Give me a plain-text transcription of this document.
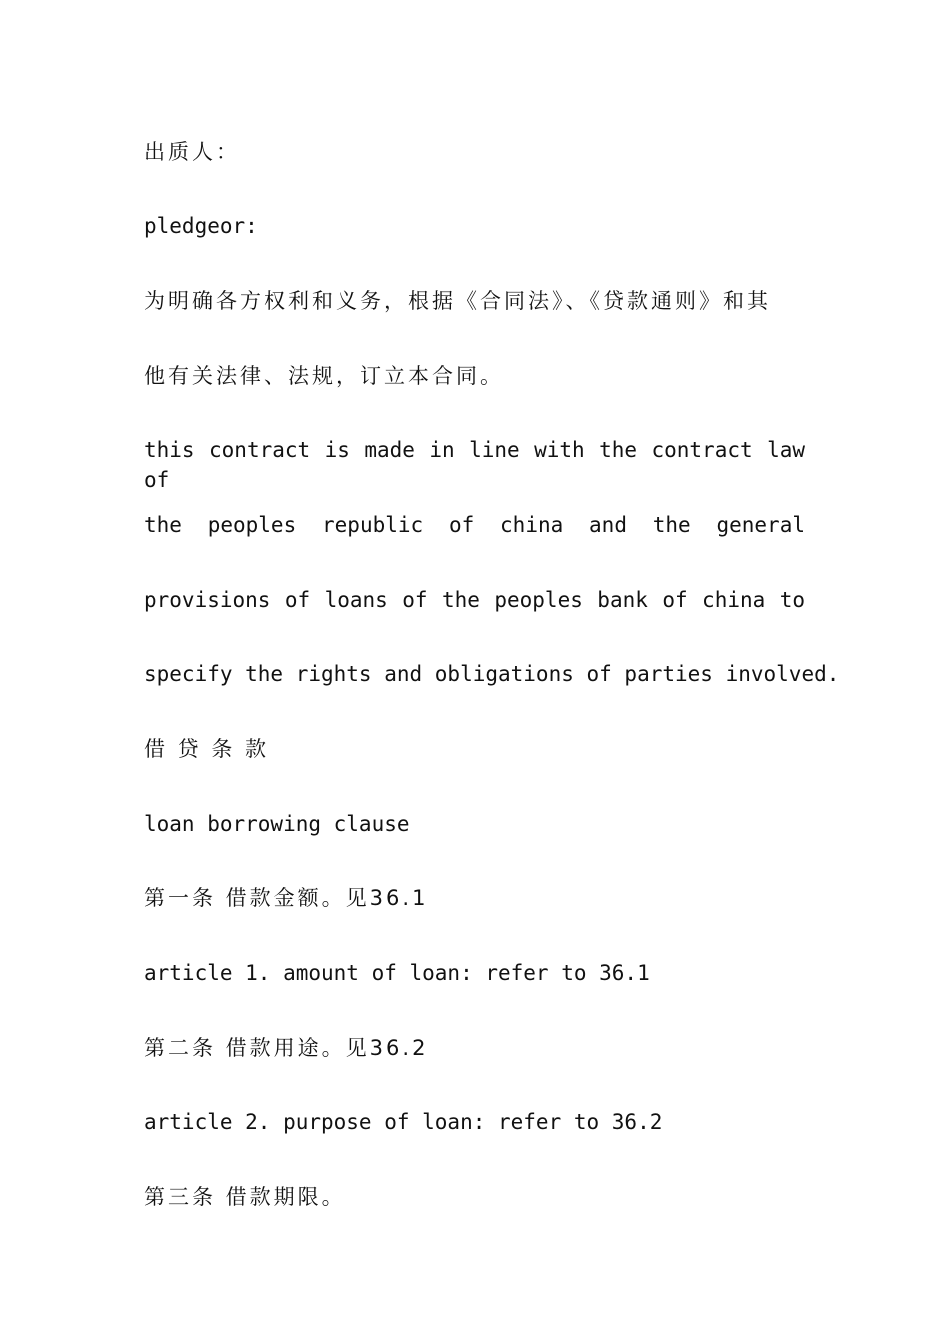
出质人：

pledgeor:

为明确各方权利和义务，根据《合同法》、《贷款通则》和其

他有关法律、法规，订立本合同。

this contract is made in line with the contract law of

the peoples republic of china and the general

provisions of loans of the peoples bank of china to

specify the rights and obligations of parties involved.

借 贷 条 款

loan borrowing clause

第一条 借款金额。见36.1

article 1. amount of loan: refer to 36.1

第二条 借款用途。见36.2

article 2. purpose of loan: refer to 36.2

第三条 借款期限。
